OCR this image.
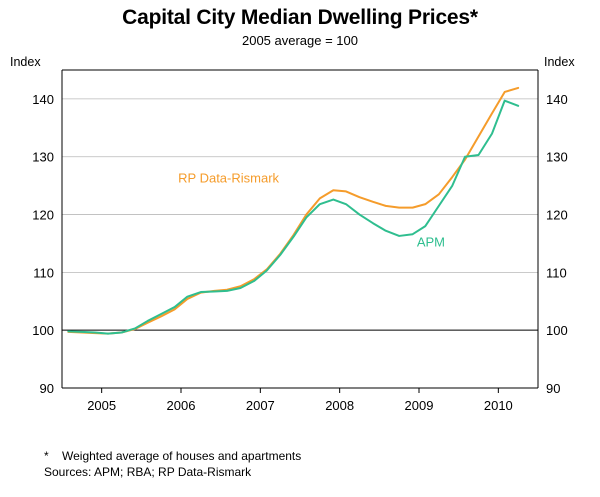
Capital City Median Dwelling Prices*
2005 average = 100
90	90
100	100
110	110
120	120
130	130
140	140
2005	2006	2007	2008	2009	2010
Index	Index
RP Data-Rismark
APM
*	Weighted average of houses and apartments
Sources: APM; RBA; RP Data-Rismark
